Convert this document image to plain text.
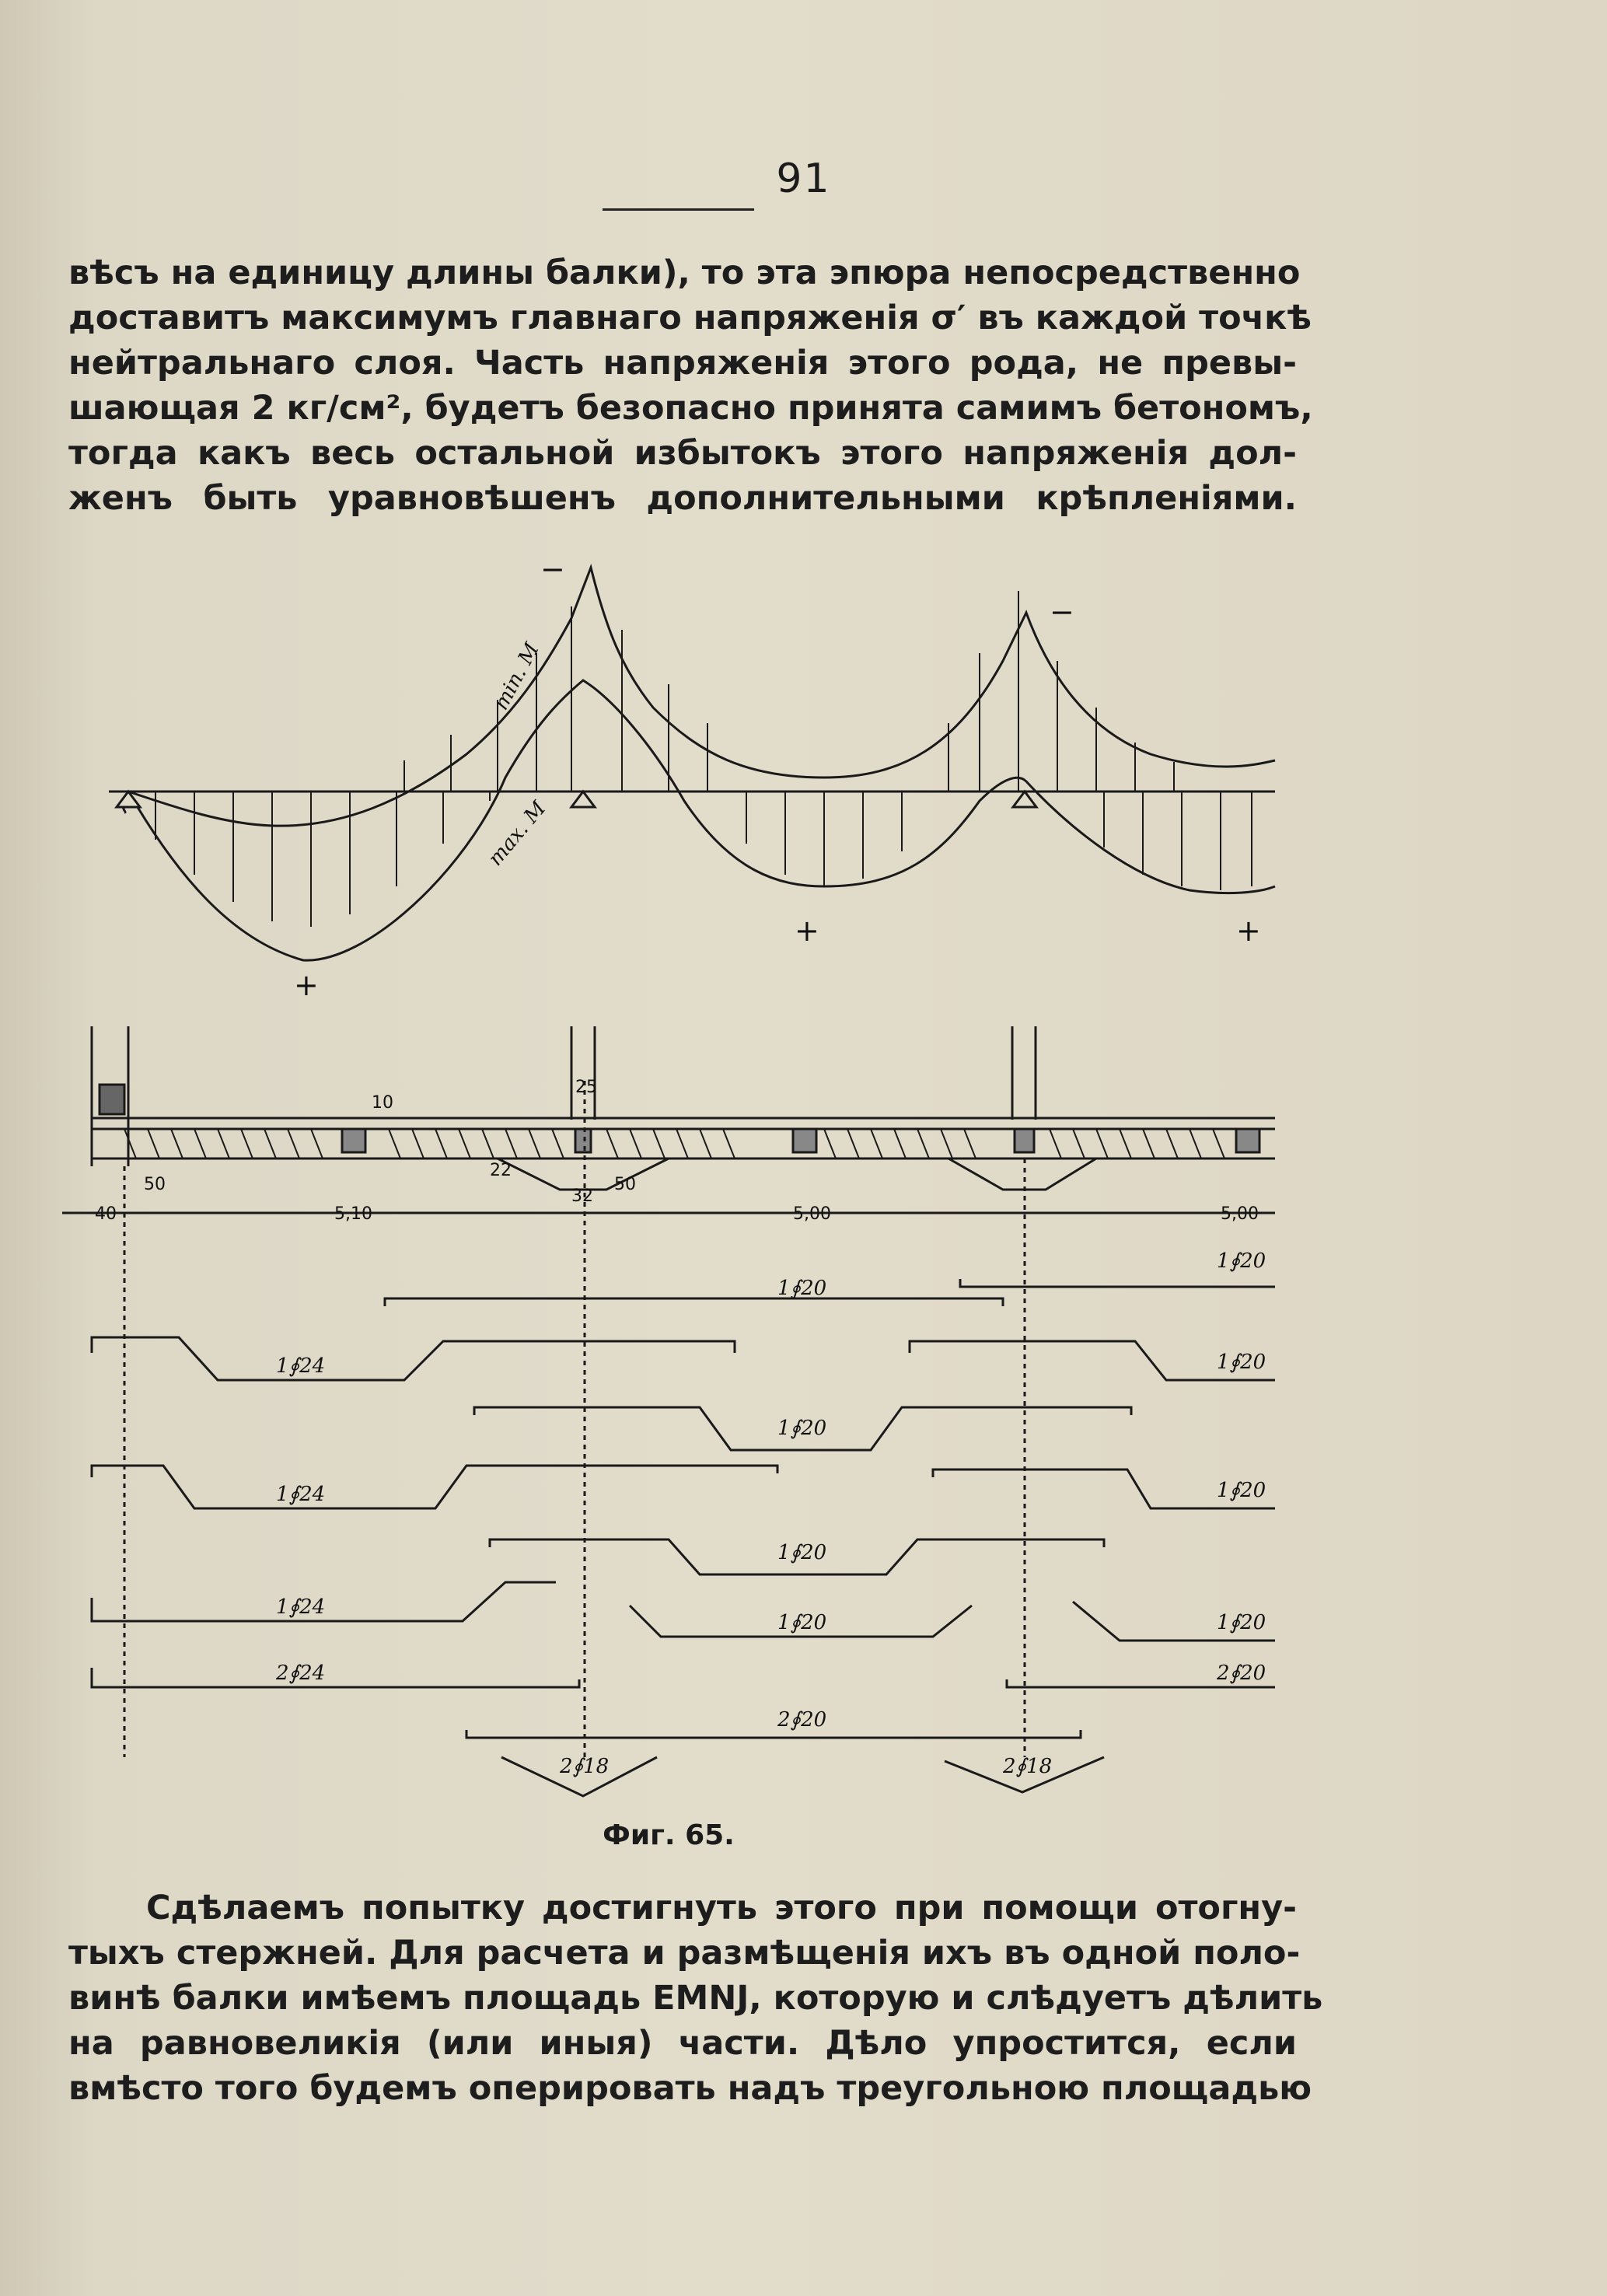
91
вѣсъ на единицу длины балки), то эта эпюра непосредственно
доставитъ максимумъ главнаго напряженія σ′ въ каждой точкѣ
нейтральнаго слоя. Часть напряженія этого рода, не превы-
шающая 2 кг/см², будетъ безопасно принята самимъ бетономъ,
тогда какъ весь остальной избытокъ этого напряженія дол-
женъ быть уравновѣшенъ дополнительными крѣпленіями.
min. M
max. M
−
−
+
+	+
10
25
40
50
5,10
32
50
22
5,00	5,00
1∮20
1∮20
1∮24	1∮20
1∮20
1∮24	1∮20
1∮20
1∮24
1∮20	1∮20
2∮24	2∮20
2∮20
2∮18	2∮18
Фиг. 65.
Сдѣлаемъ попытку достигнуть этого при помощи отогну-
тыхъ стержней. Для расчета и размѣщенія ихъ въ одной поло-
винѣ балки имѣемъ площадь EMNJ, которую и слѣдуетъ дѣлить
на равновеликія (или иныя) части. Дѣло упростится, если
вмѣсто того будемъ оперировать надъ треугольною площадью
